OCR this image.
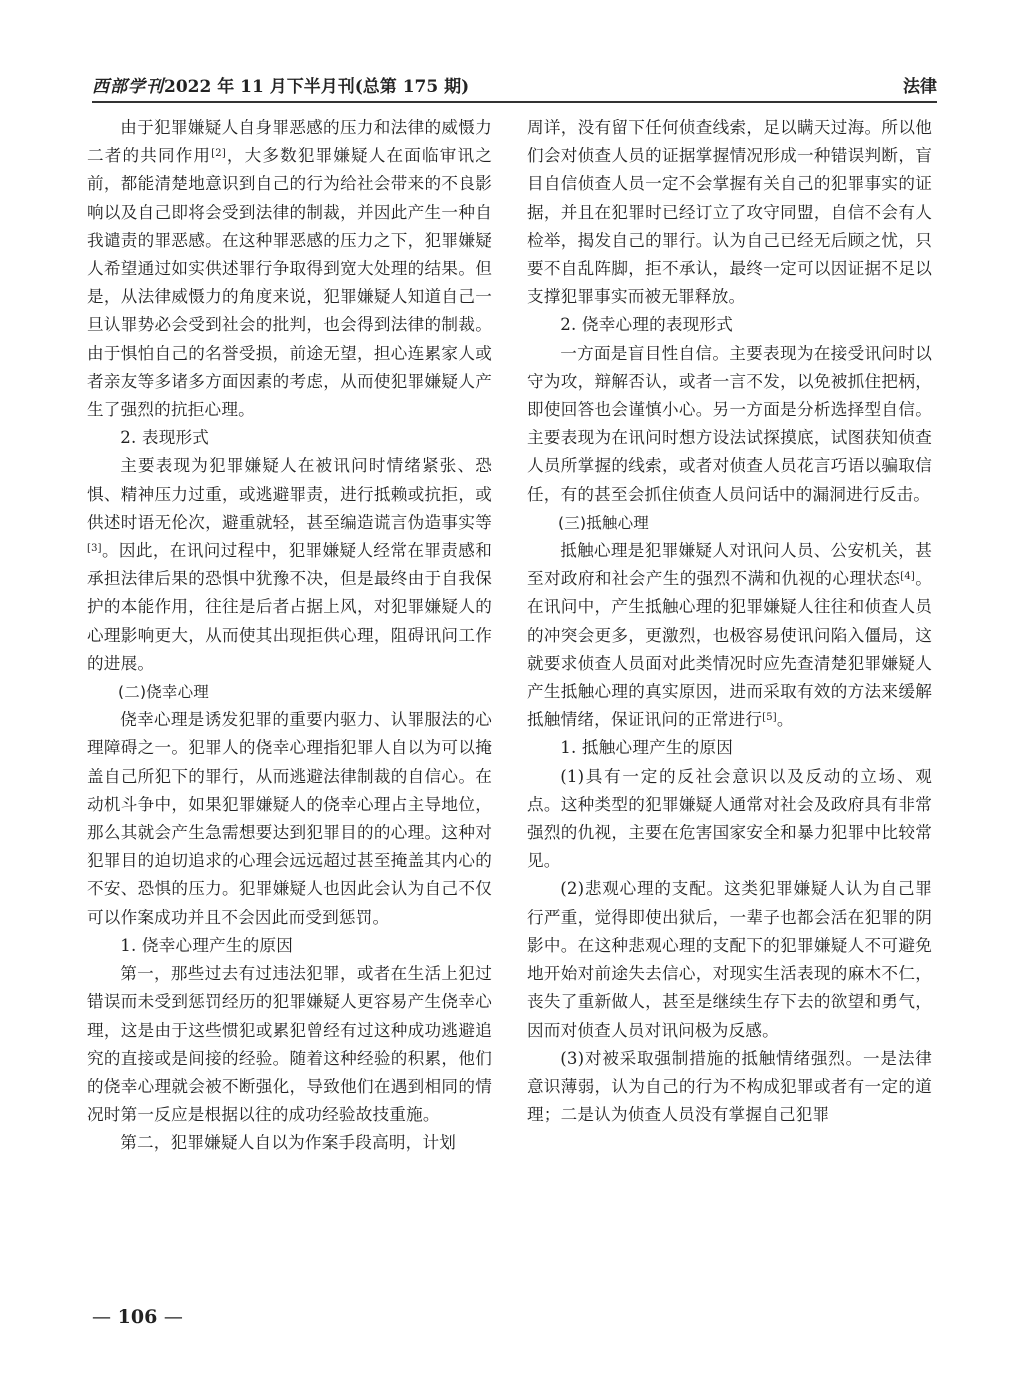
西部学刊2022 年 11 月下半月刊(总第 175 期)	法律

由于犯罪嫌疑人自身罪恶感的压力和法律的威慑力二者的共同作用[2]，大多数犯罪嫌疑人在面临审讯之前，都能清楚地意识到自己的行为给社会带来的不良影响以及自己即将会受到法律的制裁，并因此产生一种自我谴责的罪恶感。在这种罪恶感的压力之下，犯罪嫌疑人希望通过如实供述罪行争取得到宽大处理的结果。但是，从法律威慑力的角度来说，犯罪嫌疑人知道自己一旦认罪势必会受到社会的批判，也会得到法律的制裁。由于惧怕自己的名誉受损，前途无望，担心连累家人或者亲友等多诸多方面因素的考虑，从而使犯罪嫌疑人产生了强烈的抗拒心理。

2. 表现形式

主要表现为犯罪嫌疑人在被讯问时情绪紧张、恐惧、精神压力过重，或逃避罪责，进行抵赖或抗拒，或供述时语无伦次，避重就轻，甚至编造谎言伪造事实等[3]。因此，在讯问过程中，犯罪嫌疑人经常在罪责感和承担法律后果的恐惧中犹豫不决，但是最终由于自我保护的本能作用，往往是后者占据上风，对犯罪嫌疑人的心理影响更大，从而使其出现拒供心理，阻碍讯问工作的进展。

(二)侥幸心理

侥幸心理是诱发犯罪的重要内驱力、认罪服法的心理障碍之一。犯罪人的侥幸心理指犯罪人自以为可以掩盖自己所犯下的罪行，从而逃避法律制裁的自信心。在动机斗争中，如果犯罪嫌疑人的侥幸心理占主导地位，那么其就会产生急需想要达到犯罪目的的心理。这种对犯罪目的迫切追求的心理会远远超过甚至掩盖其内心的不安、恐惧的压力。犯罪嫌疑人也因此会认为自己不仅可以作案成功并且不会因此而受到惩罚。

1. 侥幸心理产生的原因

第一，那些过去有过违法犯罪，或者在生活上犯过错误而未受到惩罚经历的犯罪嫌疑人更容易产生侥幸心理，这是由于这些惯犯或累犯曾经有过这种成功逃避追究的直接或是间接的经验。随着这种经验的积累，他们的侥幸心理就会被不断强化，导致他们在遇到相同的情况时第一反应是根据以往的成功经验故技重施。

第二，犯罪嫌疑人自以为作案手段高明，计划

周详，没有留下任何侦查线索，足以瞒天过海。所以他们会对侦查人员的证据掌握情况形成一种错误判断，盲目自信侦查人员一定不会掌握有关自己的犯罪事实的证据，并且在犯罪时已经订立了攻守同盟，自信不会有人检举，揭发自己的罪行。认为自己已经无后顾之忧，只要不自乱阵脚，拒不承认，最终一定可以因证据不足以支撑犯罪事实而被无罪释放。

2. 侥幸心理的表现形式

一方面是盲目性自信。主要表现为在接受讯问时以守为攻，辩解否认，或者一言不发，以免被抓住把柄，即使回答也会谨慎小心。另一方面是分析选择型自信。主要表现为在讯问时想方设法试探摸底，试图获知侦查人员所掌握的线索，或者对侦查人员花言巧语以骗取信任，有的甚至会抓住侦查人员问话中的漏洞进行反击。

(三)抵触心理

抵触心理是犯罪嫌疑人对讯问人员、公安机关，甚至对政府和社会产生的强烈不满和仇视的心理状态[4]。在讯问中，产生抵触心理的犯罪嫌疑人往往和侦查人员的冲突会更多，更激烈，也极容易使讯问陷入僵局，这就要求侦查人员面对此类情况时应先查清楚犯罪嫌疑人产生抵触心理的真实原因，进而采取有效的方法来缓解抵触情绪，保证讯问的正常进行[5]。

1. 抵触心理产生的原因

(1)具有一定的反社会意识以及反动的立场、观点。这种类型的犯罪嫌疑人通常对社会及政府具有非常强烈的仇视，主要在危害国家安全和暴力犯罪中比较常见。

(2)悲观心理的支配。这类犯罪嫌疑人认为自己罪行严重，觉得即使出狱后，一辈子也都会活在犯罪的阴影中。在这种悲观心理的支配下的犯罪嫌疑人不可避免地开始对前途失去信心，对现实生活表现的麻木不仁，丧失了重新做人，甚至是继续生存下去的欲望和勇气，因而对侦查人员对讯问极为反感。

(3)对被采取强制措施的抵触情绪强烈。一是法律意识薄弱，认为自己的行为不构成犯罪或者有一定的道理；二是认为侦查人员没有掌握自己犯罪

— 106 —
